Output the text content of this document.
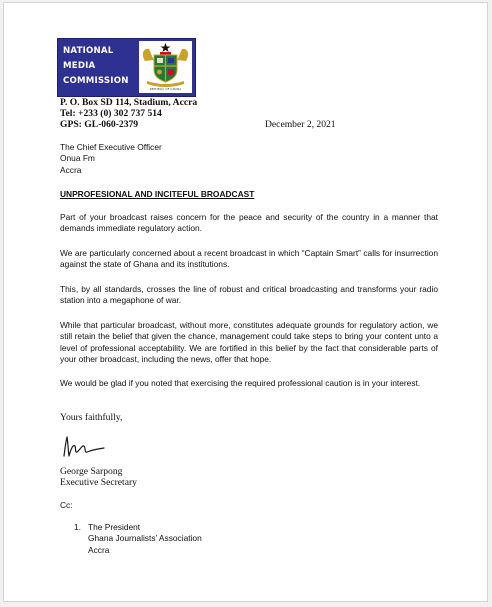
NATIONAL
MEDIA
COMMISSION
REPUBLIC OF GHANA
P. O. Box SD 114, Stadium, Accra
Tel: +233 (0) 302 737 514
GPS: GL-060-2379	December 2, 2021
The Chief Executive Officer
Onua Fm
Accra
UNPROFESIONAL AND INCITEFUL BROADCAST
Part of your broadcast raises concern for the peace and security of the country in a manner that demands immediate regulatory action.
We are particularly concerned about a recent broadcast in which “Captain Smart” calls for insurrection against the state of Ghana and its institutions.
This, by all standards, crosses the line of robust and critical broadcasting and transforms your radio station into a megaphone of war.
While that particular broadcast, without more, constitutes adequate grounds for regulatory action, we still retain the belief that given the chance, management could take steps to bring your content unto a level of professional acceptability. We are fortified in this belief by the fact that considerable parts of your other broadcast, including the news, offer that hope.
We would be glad if you noted that exercising the required professional caution is in your interest.
Yours faithfully,
George Sarpong
Executive Secretary
Cc:
1. The President
Ghana Journalists’ Association
Accra
